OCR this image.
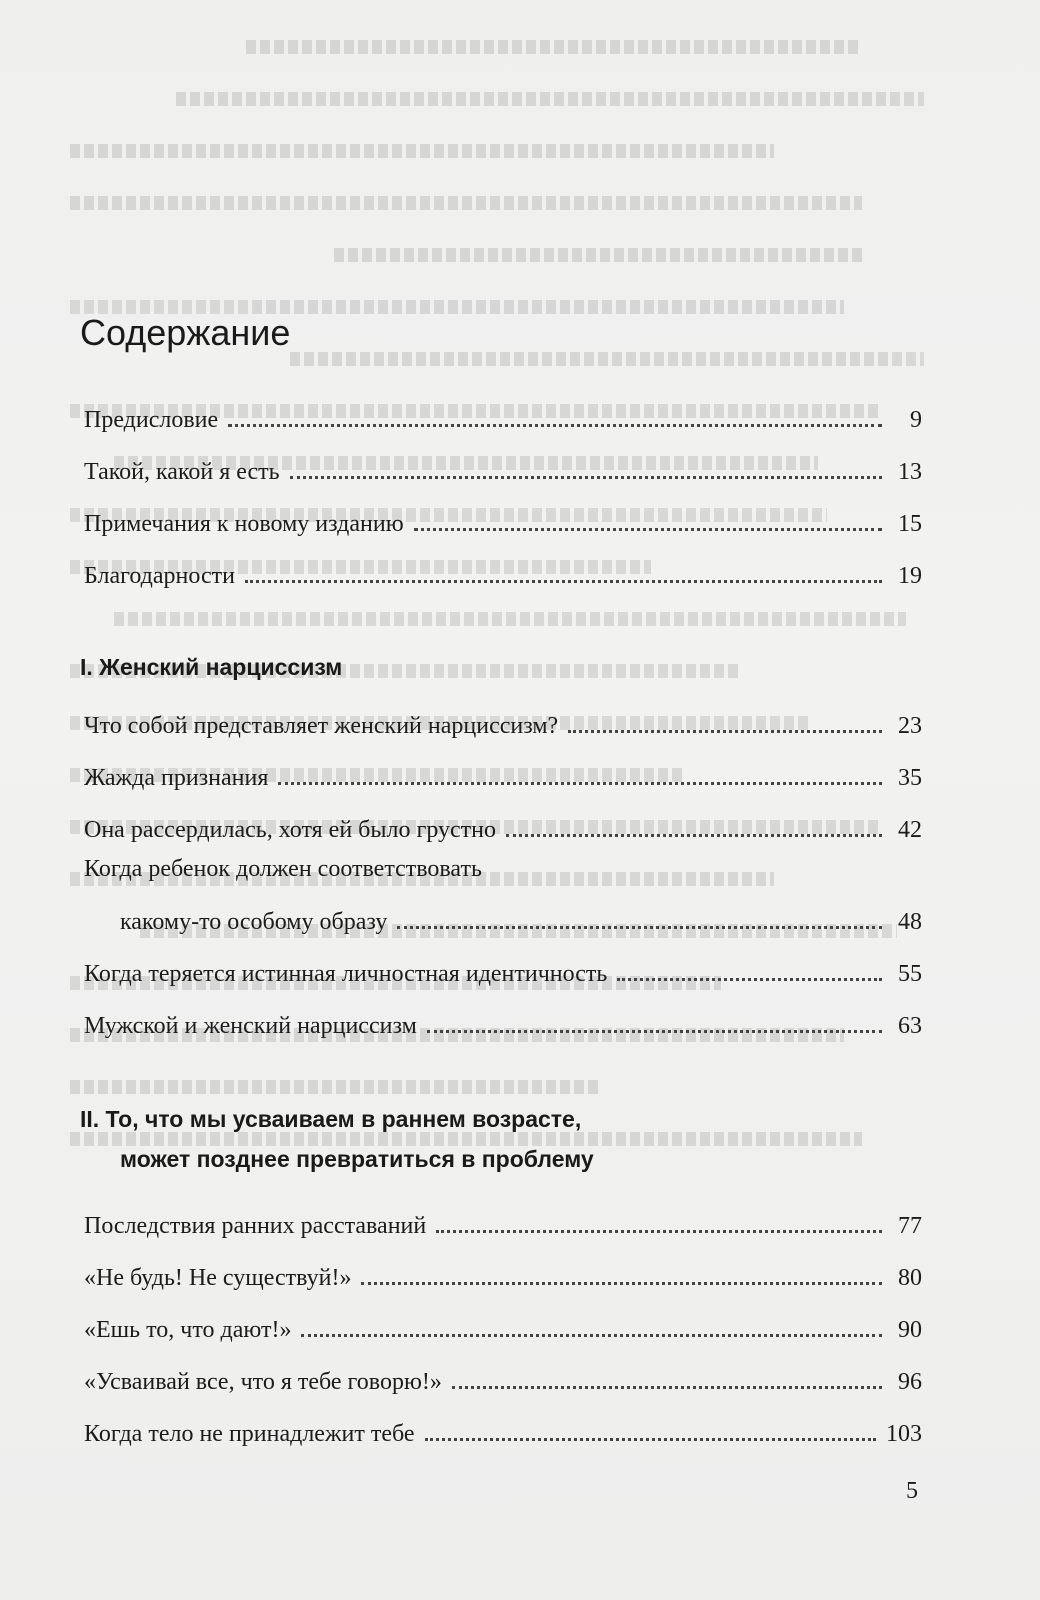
Содержание
Предисловие	9
Такой, какой я есть	13
Примечания к новому изданию	15
Благодарности	19
I. Женский нарциссизм
Что собой представляет женский нарциссизм?	23
Жажда признания	35
Она рассердилась, хотя ей было грустно	42
Когда ребенок должен соответствовать
какому-то особому образу	48
Когда теряется истинная личностная идентичность	55
Мужской и женский нарциссизм	63
II. То, что мы усваиваем в раннем возрасте,
может позднее превратиться в проблему
Последствия ранних расставаний	77
«Не будь! Не существуй!»	80
«Ешь то, что дают!»	90
«Усваивай все, что я тебе говорю!»	96
Когда тело не принадлежит тебе	103
5
